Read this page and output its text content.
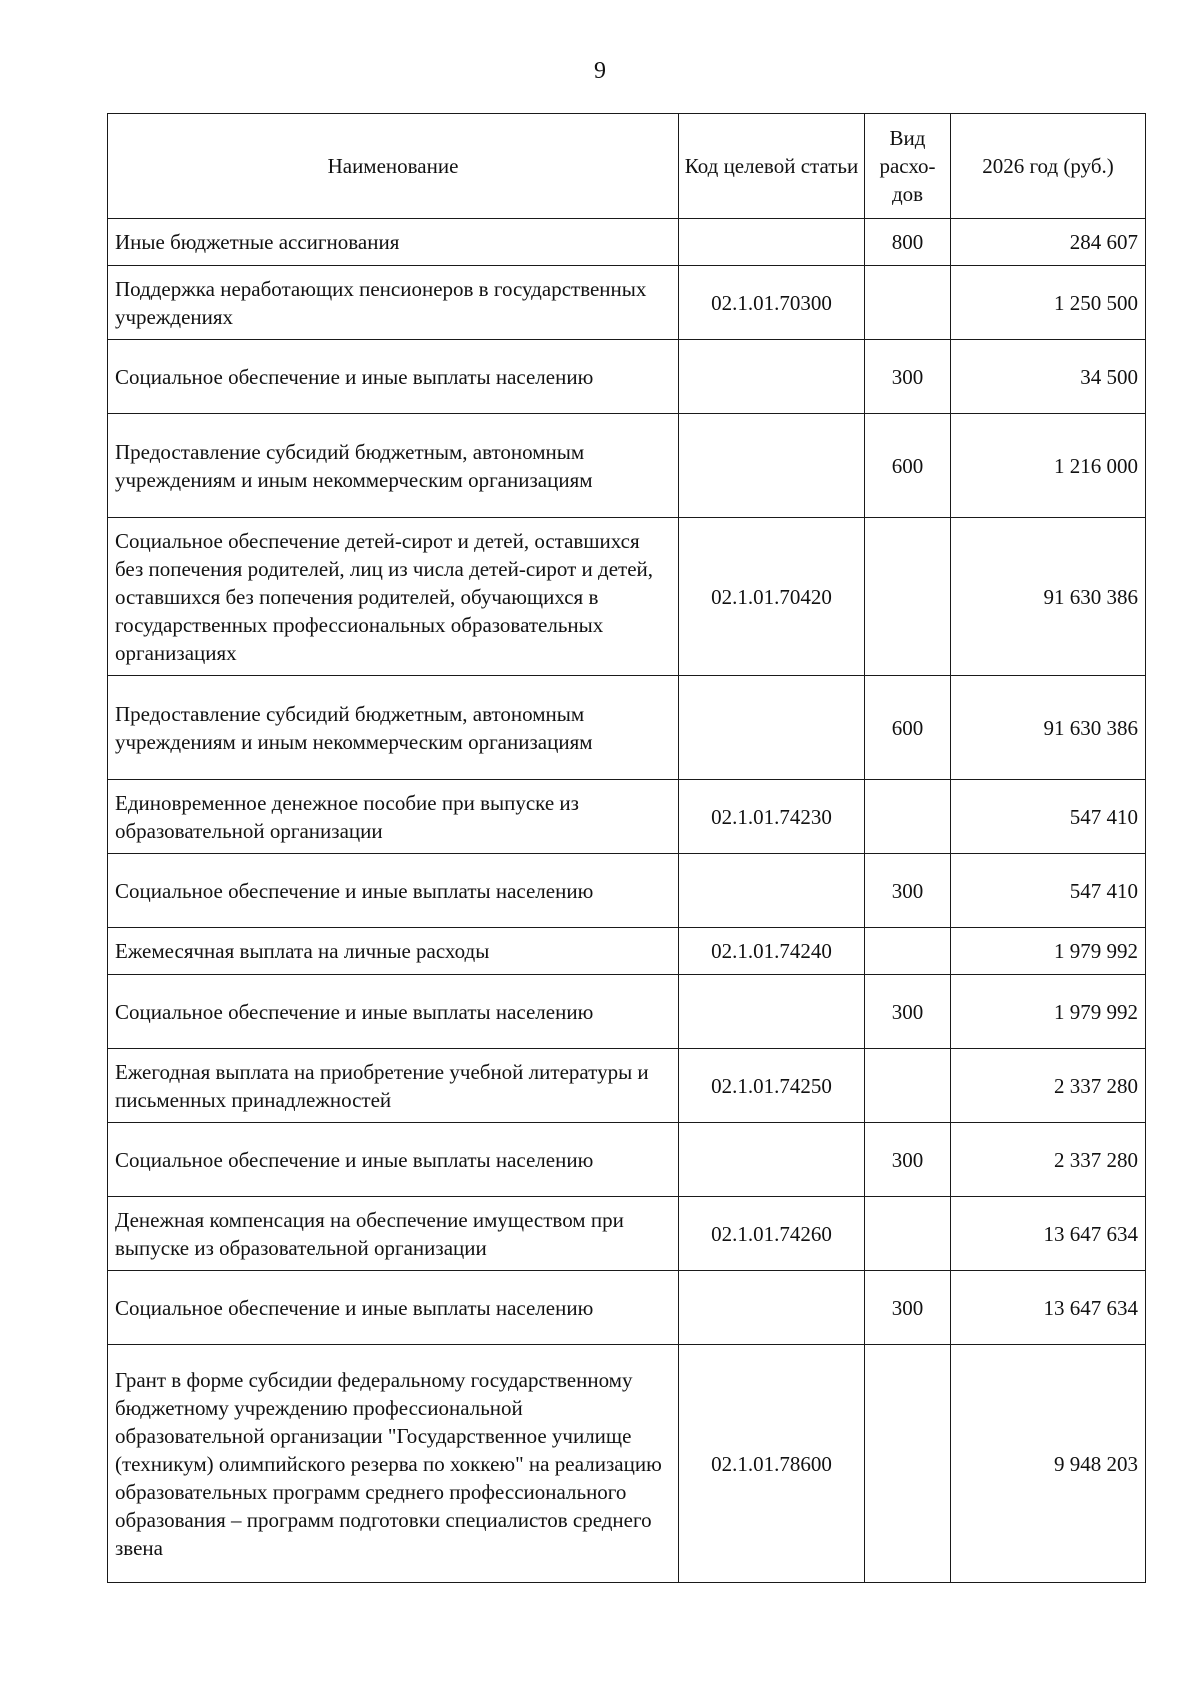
9
Наименование	Код целевой статьи	Вид расхо-дов	2026 год (руб.)
Иные бюджетные ассигнования		800	284 607
Поддержка неработающих пенсионеров в государственных учреждениях	02.1.01.70300		1 250 500
Социальное обеспечение и иные выплаты населению		300	34 500
Предоставление субсидий бюджетным, автономным учреждениям и иным некоммерческим организациям		600	1 216 000
Социальное обеспечение детей-сирот и детей, оставшихся без попечения родителей, лиц из числа детей-сирот и детей, оставшихся без попечения родителей, обучающихся в государственных профессиональных образовательных организациях	02.1.01.70420		91 630 386
Предоставление субсидий бюджетным, автономным учреждениям и иным некоммерческим организациям		600	91 630 386
Единовременное денежное пособие при выпуске из образовательной организации	02.1.01.74230		547 410
Социальное обеспечение и иные выплаты населению		300	547 410
Ежемесячная выплата на личные расходы	02.1.01.74240		1 979 992
Социальное обеспечение и иные выплаты населению		300	1 979 992
Ежегодная выплата на приобретение учебной литературы и письменных принадлежностей	02.1.01.74250		2 337 280
Социальное обеспечение и иные выплаты населению		300	2 337 280
Денежная компенсация на обеспечение имуществом при выпуске из образовательной организации	02.1.01.74260		13 647 634
Социальное обеспечение и иные выплаты населению		300	13 647 634
Грант в форме субсидии федеральному государственному бюджетному учреждению профессиональной образовательной организации "Государственное училище (техникум) олимпийского резерва по хоккею" на реализацию образовательных программ среднего профессионального образования – программ подготовки специалистов среднего звена	02.1.01.78600		9 948 203
